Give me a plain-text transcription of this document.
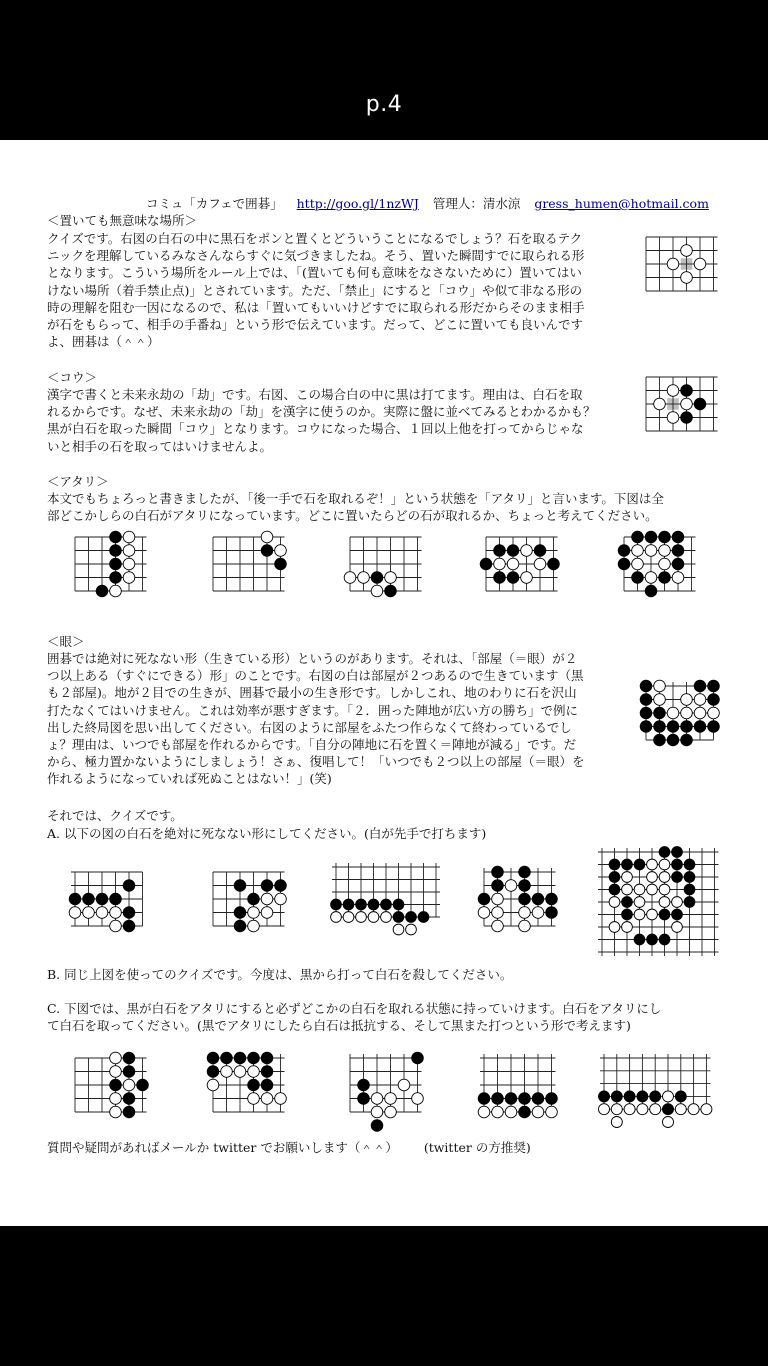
p.4
コミュ「カフェで囲碁」 http://goo.gl/1nzWJ 管理人：清水涼 gress_humen@hotmail.com
＜置いても無意味な場所＞
クイズです。右図の白石の中に黒石をポンと置くとどういうことになるでしょう？石を取るテク
ニックを理解しているみなさんならすぐに気づきましたね。そう、置いた瞬間すでに取られる形
となります。こういう場所をルール上では、「(置いても何も意味をなさないために）置いてはい
けない場所（着手禁止点)」とされています。ただ、「禁止」にすると「コウ」や似て非なる形の
時の理解を阻む一因になるので、私は「置いてもいいけどすでに取られる形だからそのまま相手
が石をもらって、相手の手番ね」という形で伝えています。だって、どこに置いても良いんです
よ、囲碁は（＾＾）
＜コウ＞
漢字で書くと未来永劫の「劫」です。右図、この場合白の中に黒は打てます。理由は、白石を取
れるからです。なぜ、未来永劫の「劫」を漢字に使うのか。実際に盤に並べてみるとわかるかも？
黒が白石を取った瞬間「コウ」となります。コウになった場合、１回以上他を打ってからじゃな
いと相手の石を取ってはいけませんよ。
＜アタリ＞
本文でもちょろっと書きましたが、「後一手で石を取れるぞ！」という状態を「アタリ」と言います。下図は全
部どこかしらの白石がアタリになっています。どこに置いたらどの石が取れるか、ちょっと考えてください。
＜眼＞
囲碁では絶対に死なない形（生きている形）というのがあります。それは、「部屋（＝眼）が２
つ以上ある（すぐにできる）形」のことです。右図の白は部屋が２つあるので生きています（黒
も２部屋)。地が２目での生きが、囲碁で最小の生き形です。しかしこれ、地のわりに石を沢山
打たなくてはいけません。これは効率が悪すぎます。「２．囲った陣地が広い方の勝ち」で例に
出した終局図を思い出してください。右図のように部屋をふたつ作らなくて終わっているでし
ょ？理由は、いつでも部屋を作れるからです。「自分の陣地に石を置く＝陣地が減る」です。だ
から、極力置かないようにしましょう！さぁ、復唱して！「いつでも２つ以上の部屋（＝眼）を
作れるようになっていれば死ぬことはない！」(笑)
それでは、クイズです。
A. 以下の図の白石を絶対に死なない形にしてください。(白が先手で打ちます)
B. 同じ上図を使ってのクイズです。今度は、黒から打って白石を殺してください。
C. 下図では、黒が白石をアタリにすると必ずどこかの白石を取れる状態に持っていけます。白石をアタリにし
て白石を取ってください。(黒でアタリにしたら白石は抵抗する、そして黒また打つという形で考えます)
質問や疑問があればメールか twitter でお願いします（＾＾） (twitter の方推奨)
